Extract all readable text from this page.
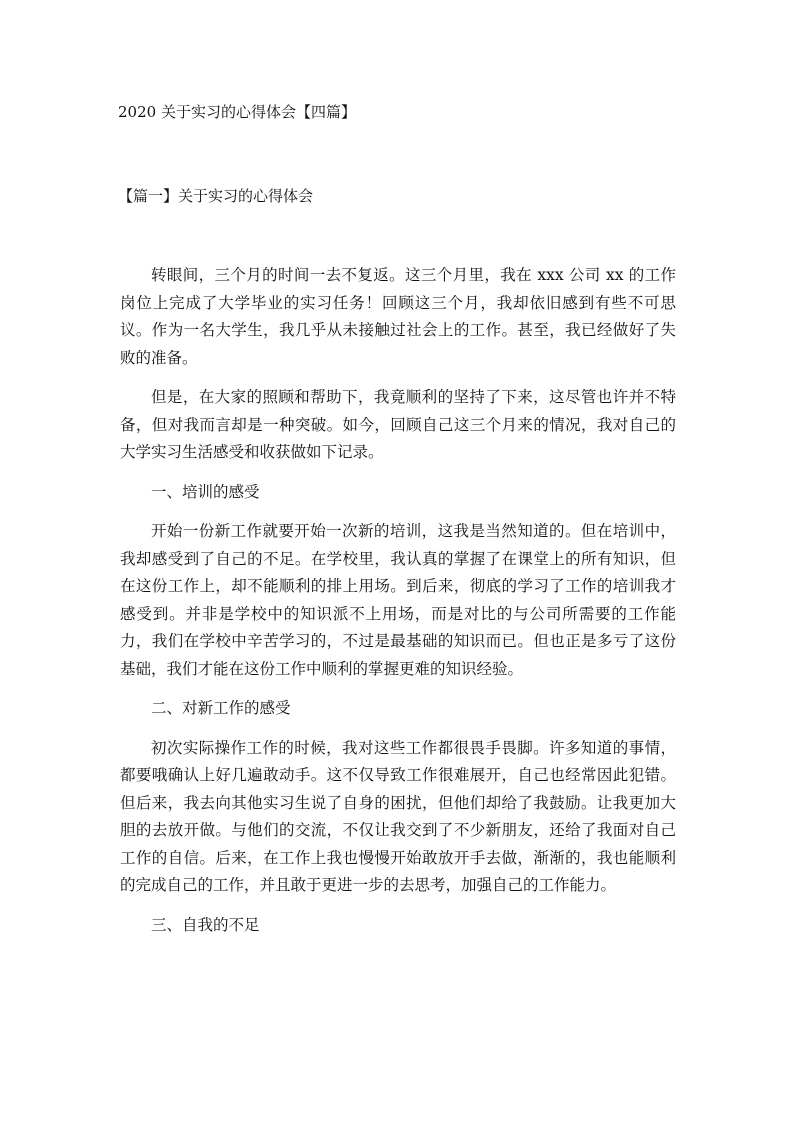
2020 关于实习的心得体会【四篇】
【篇一】关于实习的心得体会

转眼间，三个月的时间一去不复返。这三个月里，我在 xxx 公司 xx 的工作岗位上完成了大学毕业的实习任务！回顾这三个月，我却依旧感到有些不可思议。作为一名大学生，我几乎从未接触过社会上的工作。甚至，我已经做好了失败的准备。

但是，在大家的照顾和帮助下，我竟顺利的坚持了下来，这尽管也许并不特备，但对我而言却是一种突破。如今，回顾自己这三个月来的情况，我对自己的大学实习生活感受和收获做如下记录。

一、培训的感受

开始一份新工作就要开始一次新的培训，这我是当然知道的。但在培训中，我却感受到了自己的不足。在学校里，我认真的掌握了在课堂上的所有知识，但在这份工作上，却不能顺利的排上用场。到后来，彻底的学习了工作的培训我才感受到。并非是学校中的知识派不上用场，而是对比的与公司所需要的工作能力，我们在学校中辛苦学习的，不过是最基础的知识而已。但也正是多亏了这份基础，我们才能在这份工作中顺利的掌握更难的知识经验。

二、对新工作的感受

初次实际操作工作的时候，我对这些工作都很畏手畏脚。许多知道的事情，都要哦确认上好几遍敢动手。这不仅导致工作很难展开，自己也经常因此犯错。但后来，我去向其他实习生说了自身的困扰，但他们却给了我鼓励。让我更加大胆的去放开做。与他们的交流，不仅让我交到了不少新朋友，还给了我面对自己工作的自信。后来，在工作上我也慢慢开始敢放开手去做，渐渐的，我也能顺利的完成自己的工作，并且敢于更进一步的去思考，加强自己的工作能力。

三、自我的不足
